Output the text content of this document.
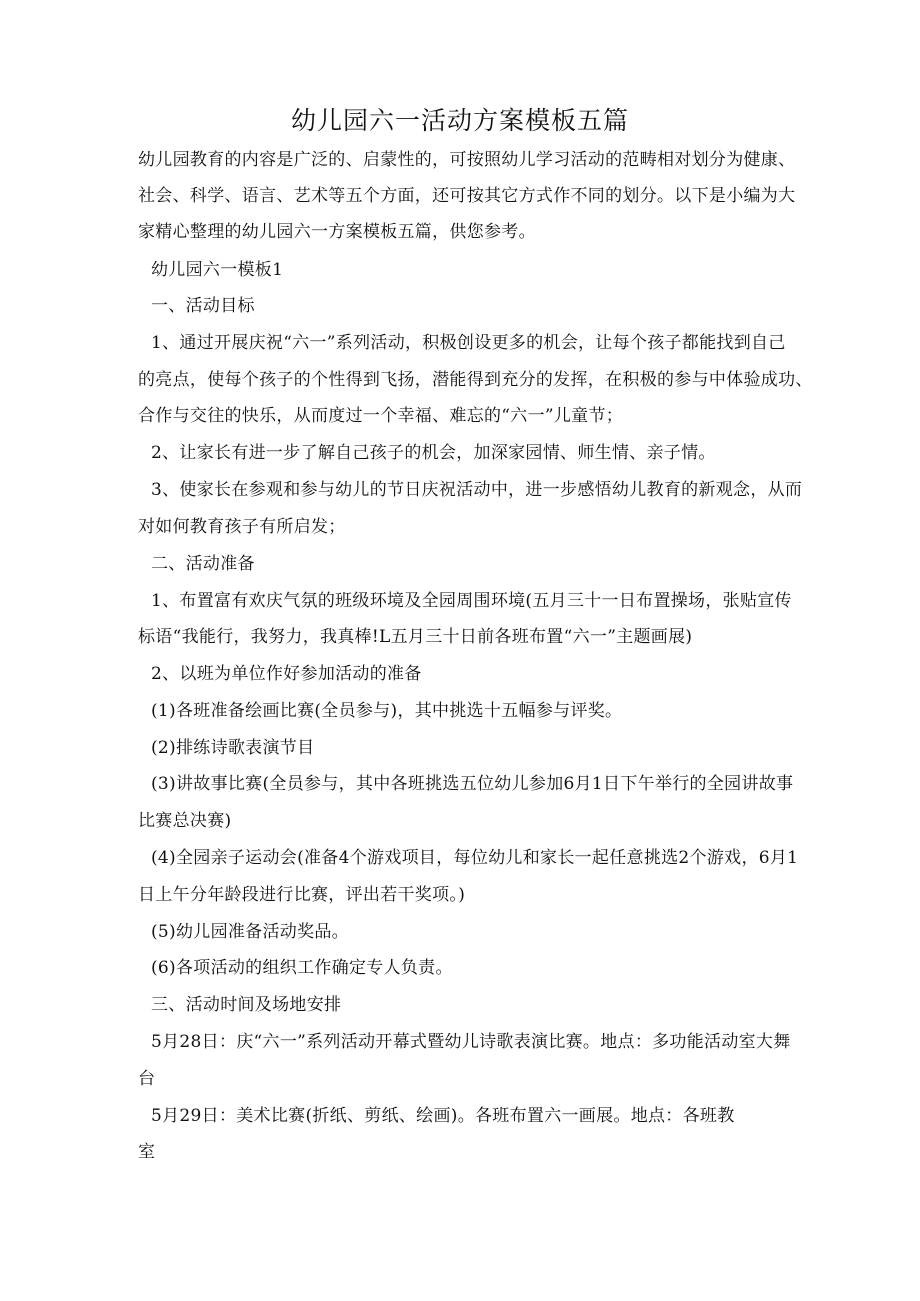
幼儿园六一活动方案模板五篇
幼儿园教育的内容是广泛的、启蒙性的，可按照幼儿学习活动的范畴相对划分为健康、
社会、科学、语言、艺术等五个方面，还可按其它方式作不同的划分。以下是小编为大
家精心整理的幼儿园六一方案模板五篇，供您参考。
幼儿园六一模板1
一、活动目标
1、通过开展庆祝“六一”系列活动，积极创设更多的机会，让每个孩子都能找到自己
的亮点，使每个孩子的个性得到飞扬，潜能得到充分的发挥，在积极的参与中体验成功、
合作与交往的快乐，从而度过一个幸福、难忘的“六一”儿童节；
2、让家长有进一步了解自己孩子的机会，加深家园情、师生情、亲子情。
3、使家长在参观和参与幼儿的节日庆祝活动中，进一步感悟幼儿教育的新观念，从而
对如何教育孩子有所启发；
二、活动准备
1、布置富有欢庆气氛的班级环境及全园周围环境(五月三十一日布置操场，张贴宣传
标语“我能行，我努力，我真棒!L五月三十日前各班布置“六一”主题画展)
2、以班为单位作好参加活动的准备
(1)各班准备绘画比赛(全员参与)，其中挑选十五幅参与评奖。
(2)排练诗歌表演节目
(3)讲故事比赛(全员参与，其中各班挑选五位幼儿参加6月1日下午举行的全园讲故事
比赛总决赛)
(4)全园亲子运动会(准备4个游戏项目，每位幼儿和家长一起任意挑选2个游戏，6月1
日上午分年龄段进行比赛，评出若干奖项。)
(5)幼儿园准备活动奖品。
(6)各项活动的组织工作确定专人负责。
三、活动时间及场地安排
5月28日：庆“六一”系列活动开幕式暨幼儿诗歌表演比赛。地点：多功能活动室大舞
台
5月29日：美术比赛(折纸、剪纸、绘画)。各班布置六一画展。地点：各班教
室
